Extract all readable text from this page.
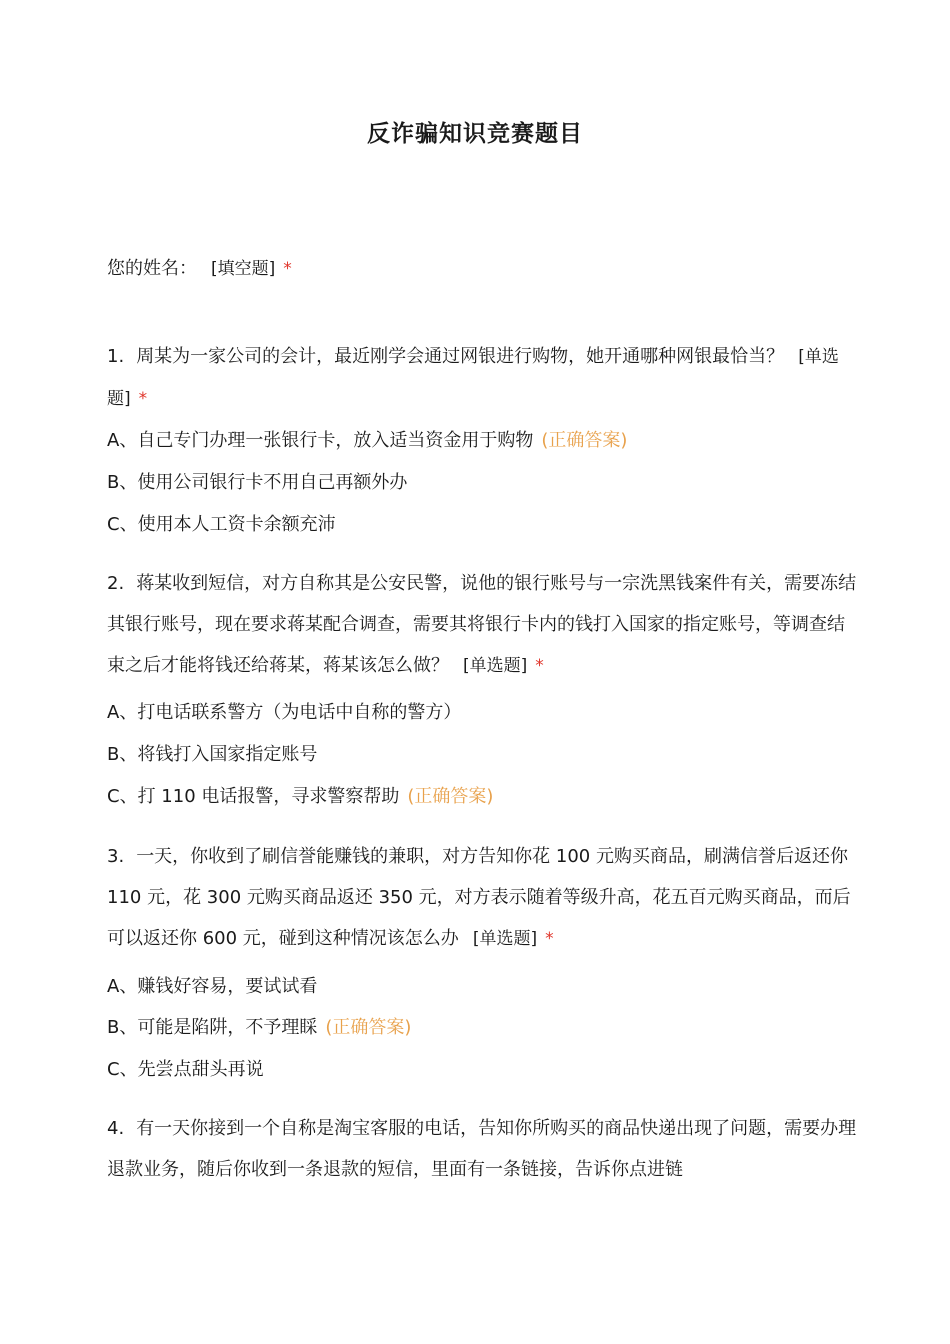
反诈骗知识竞赛题目
您的姓名： [填空题] *
1. 周某为一家公司的会计，最近刚学会通过网银进行购物，她开通哪种网银最恰当？ [单选题] *
A、自己专门办理一张银行卡，放入适当资金用于购物 (正确答案)
B、使用公司银行卡不用自己再额外办
C、使用本人工资卡余额充沛
2. 蒋某收到短信，对方自称其是公安民警，说他的银行账号与一宗洗黑钱案件有关，需要冻结其银行账号，现在要求蒋某配合调查，需要其将银行卡内的钱打入国家的指定账号，等调查结束之后才能将钱还给蒋某，蒋某该怎么做？ [单选题] *
A、打电话联系警方（为电话中自称的警方）
B、将钱打入国家指定账号
C、打 110 电话报警，寻求警察帮助 (正确答案)
3. 一天，你收到了刷信誉能赚钱的兼职，对方告知你花 100 元购买商品，刷满信誉后返还你 110 元，花 300 元购买商品返还 350 元，对方表示随着等级升高，花五百元购买商品，而后可以返还你 600 元，碰到这种情况该怎么办 [单选题] *
A、赚钱好容易，要试试看
B、可能是陷阱，不予理睬 (正确答案)
C、先尝点甜头再说
4. 有一天你接到一个自称是淘宝客服的电话，告知你所购买的商品快递出现了问题，需要办理退款业务，随后你收到一条退款的短信，里面有一条链接，告诉你点进链
